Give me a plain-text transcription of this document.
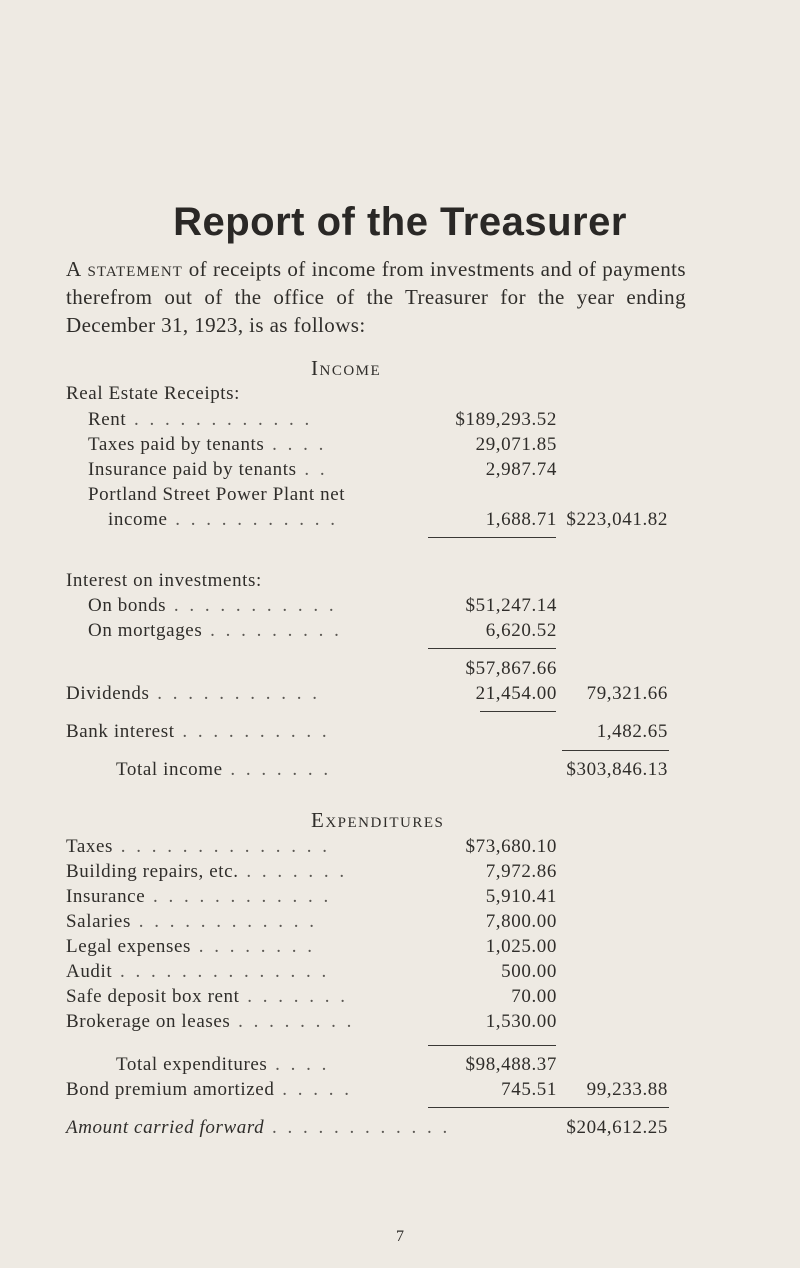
Report of the Treasurer
A statement of receipts of income from investments and of payments therefrom out of the office of the Treasurer for the year ending December 31, 1923, is as follows:
Income
Real Estate Receipts:
Rent . . . . . . . . . . . .	$189,293.52
Taxes paid by tenants . . . .	29,071.85
Insurance paid by tenants . .	2,987.74
Portland Street Power Plant net
income . . . . . . . . . . .	1,688.71 $223,041.82
Interest on investments:
On bonds . . . . . . . . . . .	$51,247.14
On mortgages . . . . . . . . .	6,620.52
$57,867.66
Dividends . . . . . . . . . . .	21,454.00 79,321.66
Bank interest . . . . . . . . . .	1,482.65
Total income . . . . . . .	$303,846.13
Expenditures
Taxes . . . . . . . . . . . . . .	$73,680.10
Building repairs, etc. . . . . . . .	7,972.86
Insurance . . . . . . . . . . . .	5,910.41
Salaries . . . . . . . . . . . .	7,800.00
Legal expenses . . . . . . . .	1,025.00
Audit . . . . . . . . . . . . . .	500.00
Safe deposit box rent . . . . . . .	70.00
Brokerage on leases . . . . . . . .	1,530.00
Total expenditures . . . .	$98,488.37
Bond premium amortized . . . . .	745.51 99,233.88
Amount carried forward . . . . . . . . . . . .	$204,612.25
7
